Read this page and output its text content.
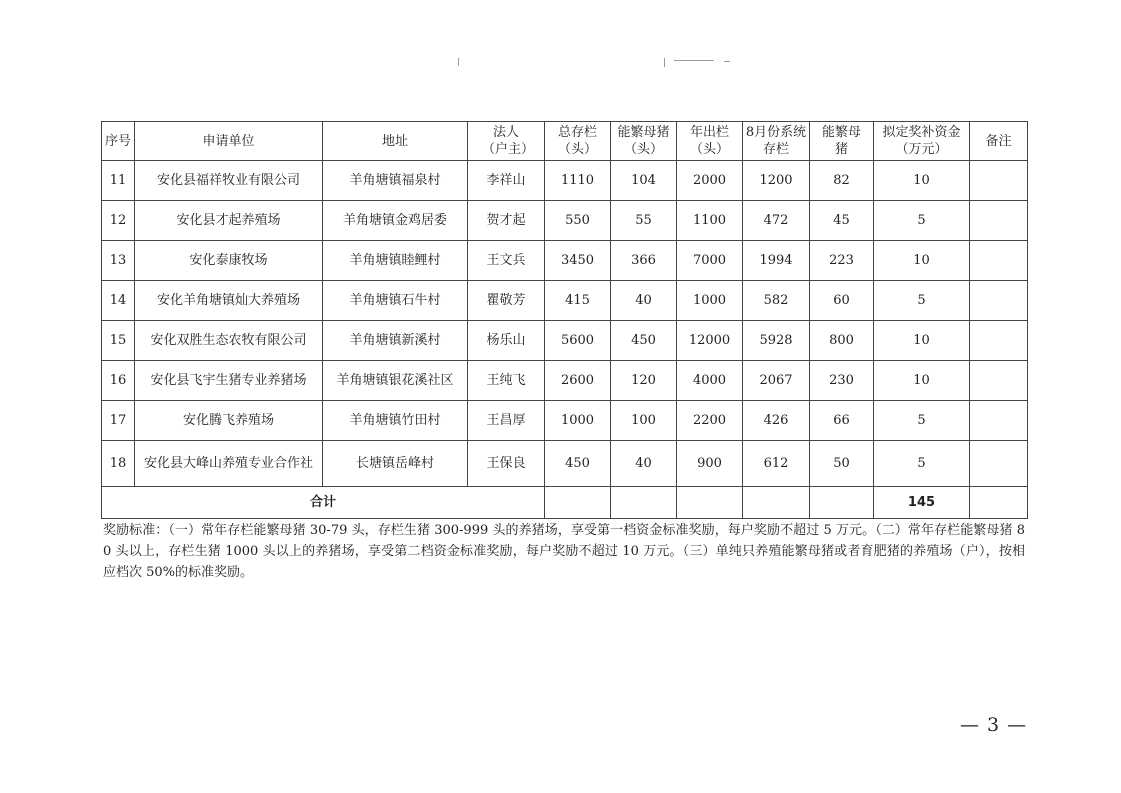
序号	申请单位	地址	法人（户主）	总存栏（头）	能繁母猪（头）	年出栏（头）	8月份系统存栏	能繁母猪	拟定奖补资金（万元）	备注
11	安化县福祥牧业有限公司	羊角塘镇福泉村	李祥山	1110	104	2000	1200	82	10	
12	安化县才起养殖场	羊角塘镇金鸡居委	贺才起	550	55	1100	472	45	5	
13	安化泰康牧场	羊角塘镇睦鲤村	王文兵	3450	366	7000	1994	223	10	
14	安化羊角塘镇灿大养殖场	羊角塘镇石牛村	瞿敬芳	415	40	1000	582	60	5	
15	安化双胜生态农牧有限公司	羊角塘镇新溪村	杨乐山	5600	450	12000	5928	800	10	
16	安化县飞宇生猪专业养猪场	羊角塘镇银花溪社区	王纯飞	2600	120	4000	2067	230	10	
17	安化腾飞养殖场	羊角塘镇竹田村	王昌厚	1000	100	2200	426	66	5	
18	安化县大峰山养殖专业合作社	长塘镇岳峰村	王保良	450	40	900	612	50	5	
合计									145	
奖励标准：（一）常年存栏能繁母猪 30-79 头，存栏生猪 300-999 头的养猪场，享受第一档资金标准奖励，每户奖励不超过 5 万元。（二）常年存栏能繁母猪 80 头以上，存栏生猪 1000 头以上的养猪场，享受第二档资金标准奖励，每户奖励不超过 10 万元。（三）单纯只养殖能繁母猪或者育肥猪的养殖场（户），按相应档次 50%的标准奖励。
— 3 —
